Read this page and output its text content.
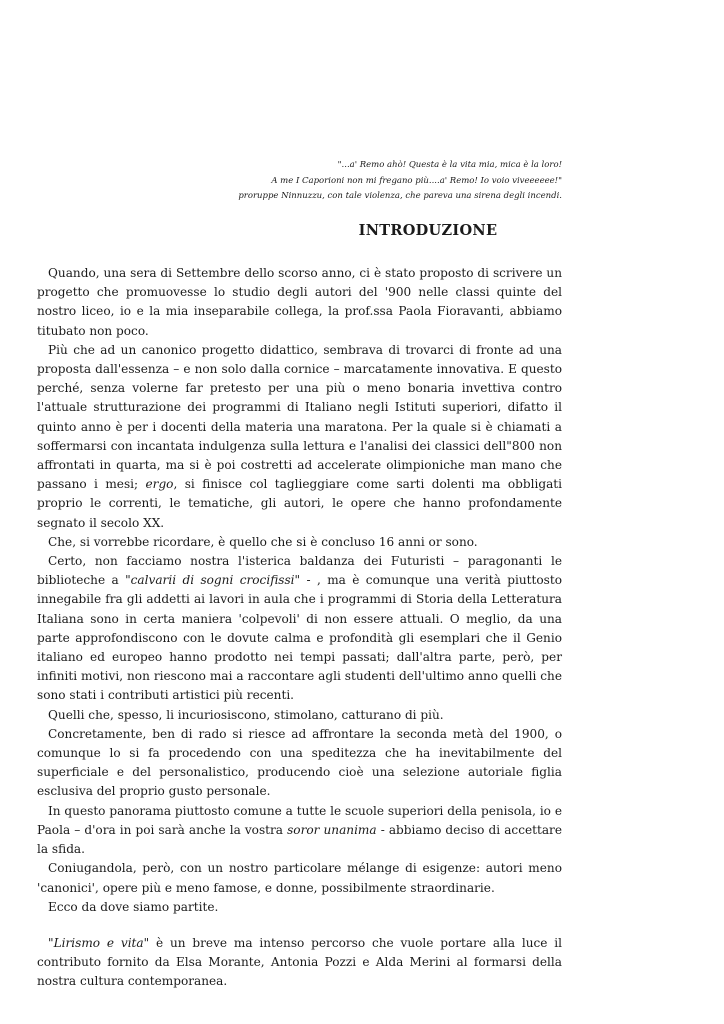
"...a' Remo ahò! Questa è la vita mia, mica è la loro!
A me I Caporioni non mi fregano più....a' Remo! Io voio viveeeeee!"
proruppe Ninnuzzu, con tale violenza, che pareva una sirena degli incendi.
INTRODUZIONE

Quando, una sera di Settembre dello scorso anno, ci è stato proposto di scrivere un progetto che promuovesse lo studio degli autori del '900 nelle classi quinte del nostro liceo, io e la mia inseparabile collega, la prof.ssa Paola Fioravanti, abbiamo titubato non poco.

Più che ad un canonico progetto didattico, sembrava di trovarci di fronte ad una proposta dall'essenza – e non solo dalla cornice – marcatamente innovativa. E questo perché, senza volerne far pretesto per una più o meno bonaria invettiva contro l'attuale strutturazione dei programmi di Italiano negli Istituti superiori, difatto il quinto anno è per i docenti della materia una maratona. Per la quale si è chiamati a soffermarsi con incantata indulgenza sulla lettura e l'analisi dei classici dell"800 non affrontati in quarta, ma si è poi costretti ad accelerate olimpioniche man mano che passano i mesi; ergo, si finisce col taglieggiare come sarti dolenti ma obbligati proprio le correnti, le tematiche, gli autori, le opere che hanno profondamente segnato il secolo XX.

Che, si vorrebbe ricordare, è quello che si è concluso 16 anni or sono.

Certo, non facciamo nostra l'isterica baldanza dei Futuristi – paragonanti le biblioteche a "calvarii di sogni crocifissi" - , ma è comunque una verità piuttosto innegabile fra gli addetti ai lavori in aula che i programmi di Storia della Letteratura Italiana sono in certa maniera 'colpevoli' di non essere attuali. O meglio, da una parte approfondiscono con le dovute calma e profondità gli esemplari che il Genio italiano ed europeo hanno prodotto nei tempi passati; dall'altra parte, però, per infiniti motivi, non riescono mai a raccontare agli studenti dell'ultimo anno quelli che sono stati i contributi artistici più recenti.

Quelli che, spesso, li incuriosiscono, stimolano, catturano di più.

Concretamente, ben di rado si riesce ad affrontare la seconda metà del 1900, o comunque lo si fa procedendo con una speditezza che ha inevitabilmente del superficiale e del personalistico, producendo cioè una selezione autoriale figlia esclusiva del proprio gusto personale.

In questo panorama piuttosto comune a tutte le scuole superiori della penisola, io e Paola – d'ora in poi sarà anche la vostra soror unanima - abbiamo deciso di accettare la sfida.

Coniugandola, però, con un nostro particolare mélange di esigenze: autori meno 'canonici', opere più e meno famose, e donne, possibilmente straordinarie.

Ecco da dove siamo partite.

"Lirismo e vita" è un breve ma intenso percorso che vuole portare alla luce il contributo fornito da Elsa Morante, Antonia Pozzi e Alda Merini al formarsi della nostra cultura contemporanea.
